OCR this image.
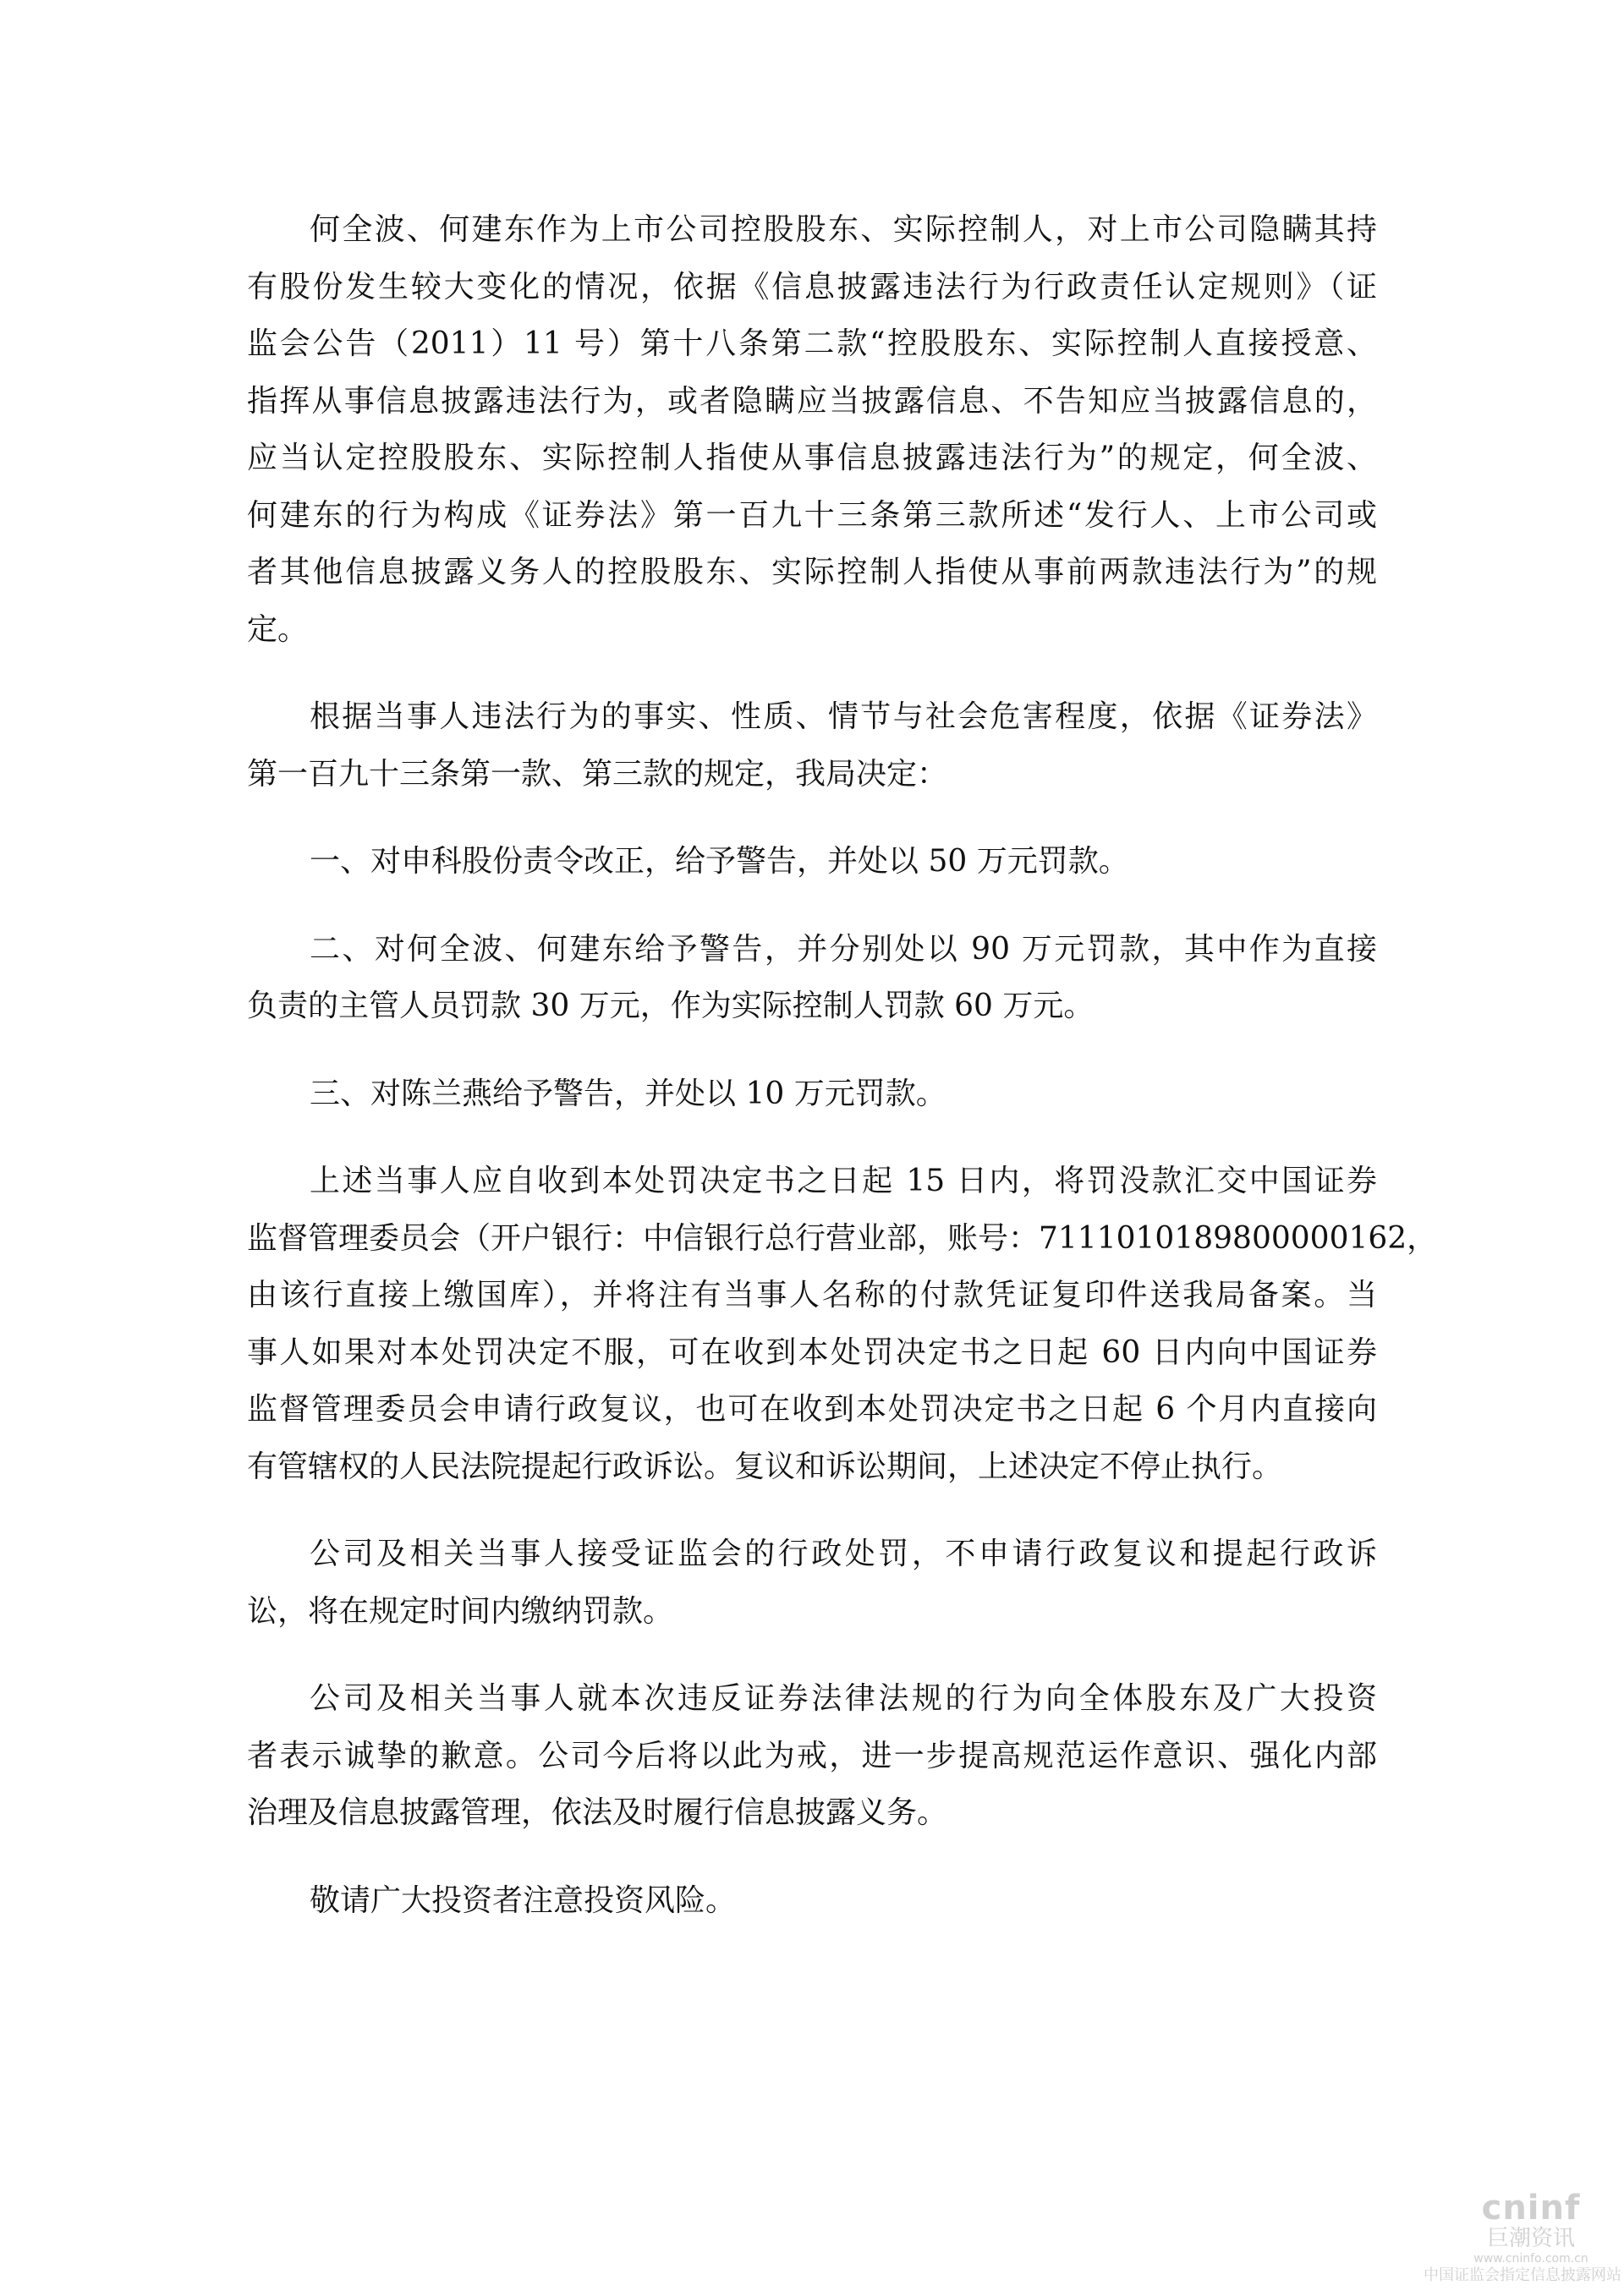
何全波、何建东作为上市公司控股股东、实际控制人，对上市公司隐瞒其持
有股份发生较大变化的情况，依据《信息披露违法行为行政责任认定规则》（证
监会公告（2011）11 号）第十八条第二款“控股股东、实际控制人直接授意、
指挥从事信息披露违法行为，或者隐瞒应当披露信息、不告知应当披露信息的，
应当认定控股股东、实际控制人指使从事信息披露违法行为”的规定，何全波、
何建东的行为构成《证券法》第一百九十三条第三款所述“发行人、上市公司或
者其他信息披露义务人的控股股东、实际控制人指使从事前两款违法行为”的规
定。
根据当事人违法行为的事实、性质、情节与社会危害程度，依据《证券法》
第一百九十三条第一款、第三款的规定，我局决定：
一、对申科股份责令改正，给予警告，并处以 50 万元罚款。
二、对何全波、何建东给予警告，并分别处以 90 万元罚款，其中作为直接
负责的主管人员罚款 30 万元，作为实际控制人罚款 60 万元。
三、对陈兰燕给予警告，并处以 10 万元罚款。
上述当事人应自收到本处罚决定书之日起 15 日内，将罚没款汇交中国证券
监督管理委员会（开户银行：中信银行总行营业部，账号：7111010189800000162，
由该行直接上缴国库），并将注有当事人名称的付款凭证复印件送我局备案。当
事人如果对本处罚决定不服，可在收到本处罚决定书之日起 60 日内向中国证券
监督管理委员会申请行政复议，也可在收到本处罚决定书之日起 6 个月内直接向
有管辖权的人民法院提起行政诉讼。复议和诉讼期间，上述决定不停止执行。
公司及相关当事人接受证监会的行政处罚，不申请行政复议和提起行政诉
讼，将在规定时间内缴纳罚款。
公司及相关当事人就本次违反证券法律法规的行为向全体股东及广大投资
者表示诚挚的歉意。公司今后将以此为戒，进一步提高规范运作意识、强化内部
治理及信息披露管理，依法及时履行信息披露义务。
敬请广大投资者注意投资风险。
cninf
巨潮资讯
www.cninfo.com.cn
中国证监会指定信息披露网站
